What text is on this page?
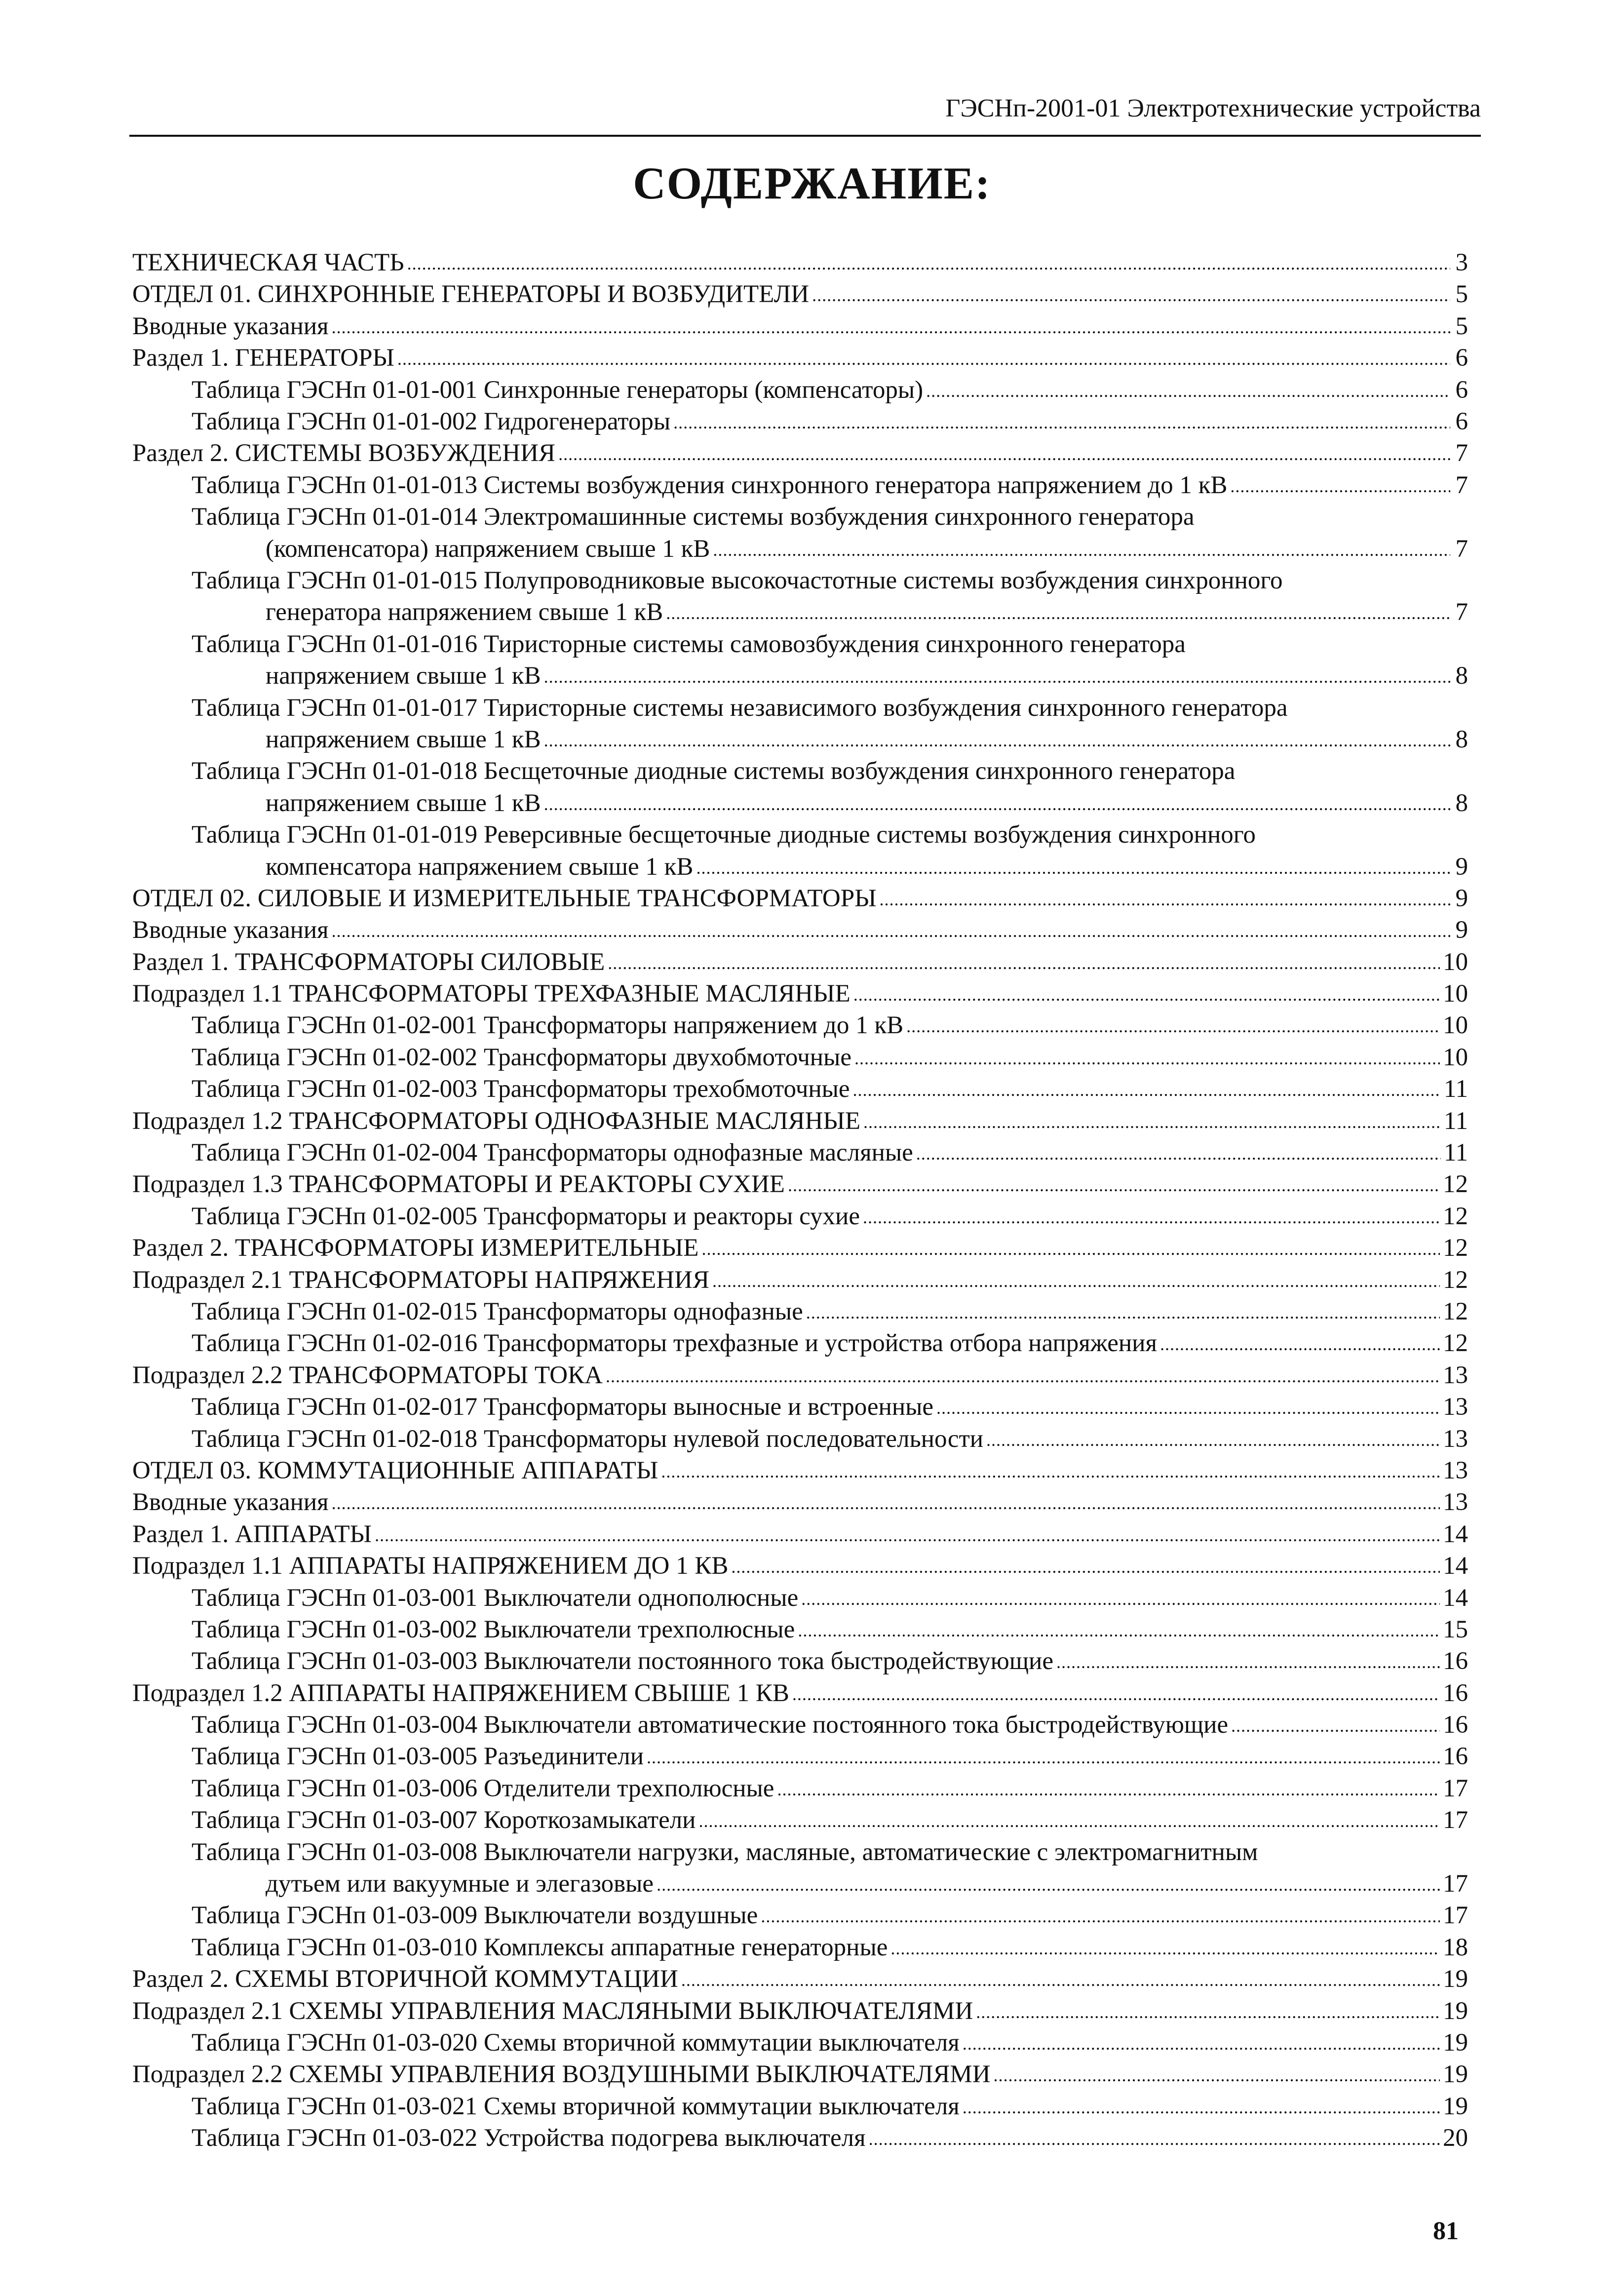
ГЭСНп-2001-01 Электротехнические устройства
СОДЕРЖАНИЕ:
ТЕХНИЧЕСКАЯ ЧАСТЬ .....	3
ОТДЕЛ 01. СИНХРОННЫЕ ГЕНЕРАТОРЫ И ВОЗБУДИТЕЛИ .....	5
Вводные указания .....	5
Раздел 1. ГЕНЕРАТОРЫ .....	6
Таблица ГЭСНп 01-01-001 Синхронные генераторы (компенсаторы) .....	6
Таблица ГЭСНп 01-01-002 Гидрогенераторы .....	6
Раздел 2. СИСТЕМЫ ВОЗБУЖДЕНИЯ .....	7
Таблица ГЭСНп 01-01-013 Системы возбуждения синхронного генератора напряжением до 1 кВ .....	7
Таблица ГЭСНп 01-01-014 Электромашинные системы возбуждения синхронного генератора
(компенсатора) напряжением свыше 1 кВ .....	7
Таблица ГЭСНп 01-01-015 Полупроводниковые высокочастотные системы возбуждения синхронного
генератора напряжением свыше 1 кВ .....	7
Таблица ГЭСНп 01-01-016 Тиристорные системы самовозбуждения синхронного генератора
напряжением свыше 1 кВ .....	8
Таблица ГЭСНп 01-01-017 Тиристорные системы независимого возбуждения синхронного генератора
напряжением свыше 1 кВ .....	8
Таблица ГЭСНп 01-01-018 Бесщеточные диодные системы возбуждения синхронного генератора
напряжением свыше 1 кВ .....	8
Таблица ГЭСНп 01-01-019 Реверсивные бесщеточные диодные системы возбуждения синхронного
компенсатора напряжением свыше 1 кВ .....	9
ОТДЕЛ 02. СИЛОВЫЕ И ИЗМЕРИТЕЛЬНЫЕ ТРАНСФОРМАТОРЫ .....	9
Вводные указания .....	9
Раздел 1. ТРАНСФОРМАТОРЫ СИЛОВЫЕ .....	10
Подраздел 1.1 ТРАНСФОРМАТОРЫ ТРЕХФАЗНЫЕ МАСЛЯНЫЕ .....	10
Таблица ГЭСНп 01-02-001 Трансформаторы напряжением до 1 кВ .....	10
Таблица ГЭСНп 01-02-002 Трансформаторы двухобмоточные .....	10
Таблица ГЭСНп 01-02-003 Трансформаторы трехобмоточные .....	11
Подраздел 1.2 ТРАНСФОРМАТОРЫ ОДНОФАЗНЫЕ МАСЛЯНЫЕ .....	11
Таблица ГЭСНп 01-02-004 Трансформаторы однофазные масляные .....	11
Подраздел 1.3 ТРАНСФОРМАТОРЫ И РЕАКТОРЫ СУХИЕ .....	12
Таблица ГЭСНп 01-02-005 Трансформаторы и реакторы сухие .....	12
Раздел 2. ТРАНСФОРМАТОРЫ ИЗМЕРИТЕЛЬНЫЕ .....	12
Подраздел 2.1 ТРАНСФОРМАТОРЫ НАПРЯЖЕНИЯ .....	12
Таблица ГЭСНп 01-02-015 Трансформаторы однофазные .....	12
Таблица ГЭСНп 01-02-016 Трансформаторы трехфазные и устройства отбора напряжения .....	12
Подраздел 2.2 ТРАНСФОРМАТОРЫ ТОКА .....	13
Таблица ГЭСНп 01-02-017 Трансформаторы выносные и встроенные .....	13
Таблица ГЭСНп 01-02-018 Трансформаторы нулевой последовательности .....	13
ОТДЕЛ 03. КОММУТАЦИОННЫЕ АППАРАТЫ .....	13
Вводные указания .....	13
Раздел 1. АППАРАТЫ .....	14
Подраздел 1.1 АППАРАТЫ НАПРЯЖЕНИЕМ ДО 1 КВ .....	14
Таблица ГЭСНп 01-03-001 Выключатели однополюсные .....	14
Таблица ГЭСНп 01-03-002 Выключатели трехполюсные .....	15
Таблица ГЭСНп 01-03-003 Выключатели постоянного тока быстродействующие .....	16
Подраздел 1.2 АППАРАТЫ НАПРЯЖЕНИЕМ СВЫШЕ 1 КВ .....	16
Таблица ГЭСНп 01-03-004 Выключатели автоматические постоянного тока быстродействующие .....	16
Таблица ГЭСНп 01-03-005 Разъединители .....	16
Таблица ГЭСНп 01-03-006 Отделители трехполюсные .....	17
Таблица ГЭСНп 01-03-007 Короткозамыкатели .....	17
Таблица ГЭСНп 01-03-008 Выключатели нагрузки, масляные, автоматические с электромагнитным
дутьем или вакуумные и элегазовые .....	17
Таблица ГЭСНп 01-03-009 Выключатели воздушные .....	17
Таблица ГЭСНп 01-03-010 Комплексы аппаратные генераторные .....	18
Раздел 2. СХЕМЫ ВТОРИЧНОЙ КОММУТАЦИИ .....	19
Подраздел 2.1 СХЕМЫ УПРАВЛЕНИЯ МАСЛЯНЫМИ ВЫКЛЮЧАТЕЛЯМИ .....	19
Таблица ГЭСНп 01-03-020 Схемы вторичной коммутации выключателя .....	19
Подраздел 2.2 СХЕМЫ УПРАВЛЕНИЯ ВОЗДУШНЫМИ ВЫКЛЮЧАТЕЛЯМИ .....	19
Таблица ГЭСНп 01-03-021 Схемы вторичной коммутации выключателя .....	19
Таблица ГЭСНп 01-03-022 Устройства подогрева выключателя .....	20
81
